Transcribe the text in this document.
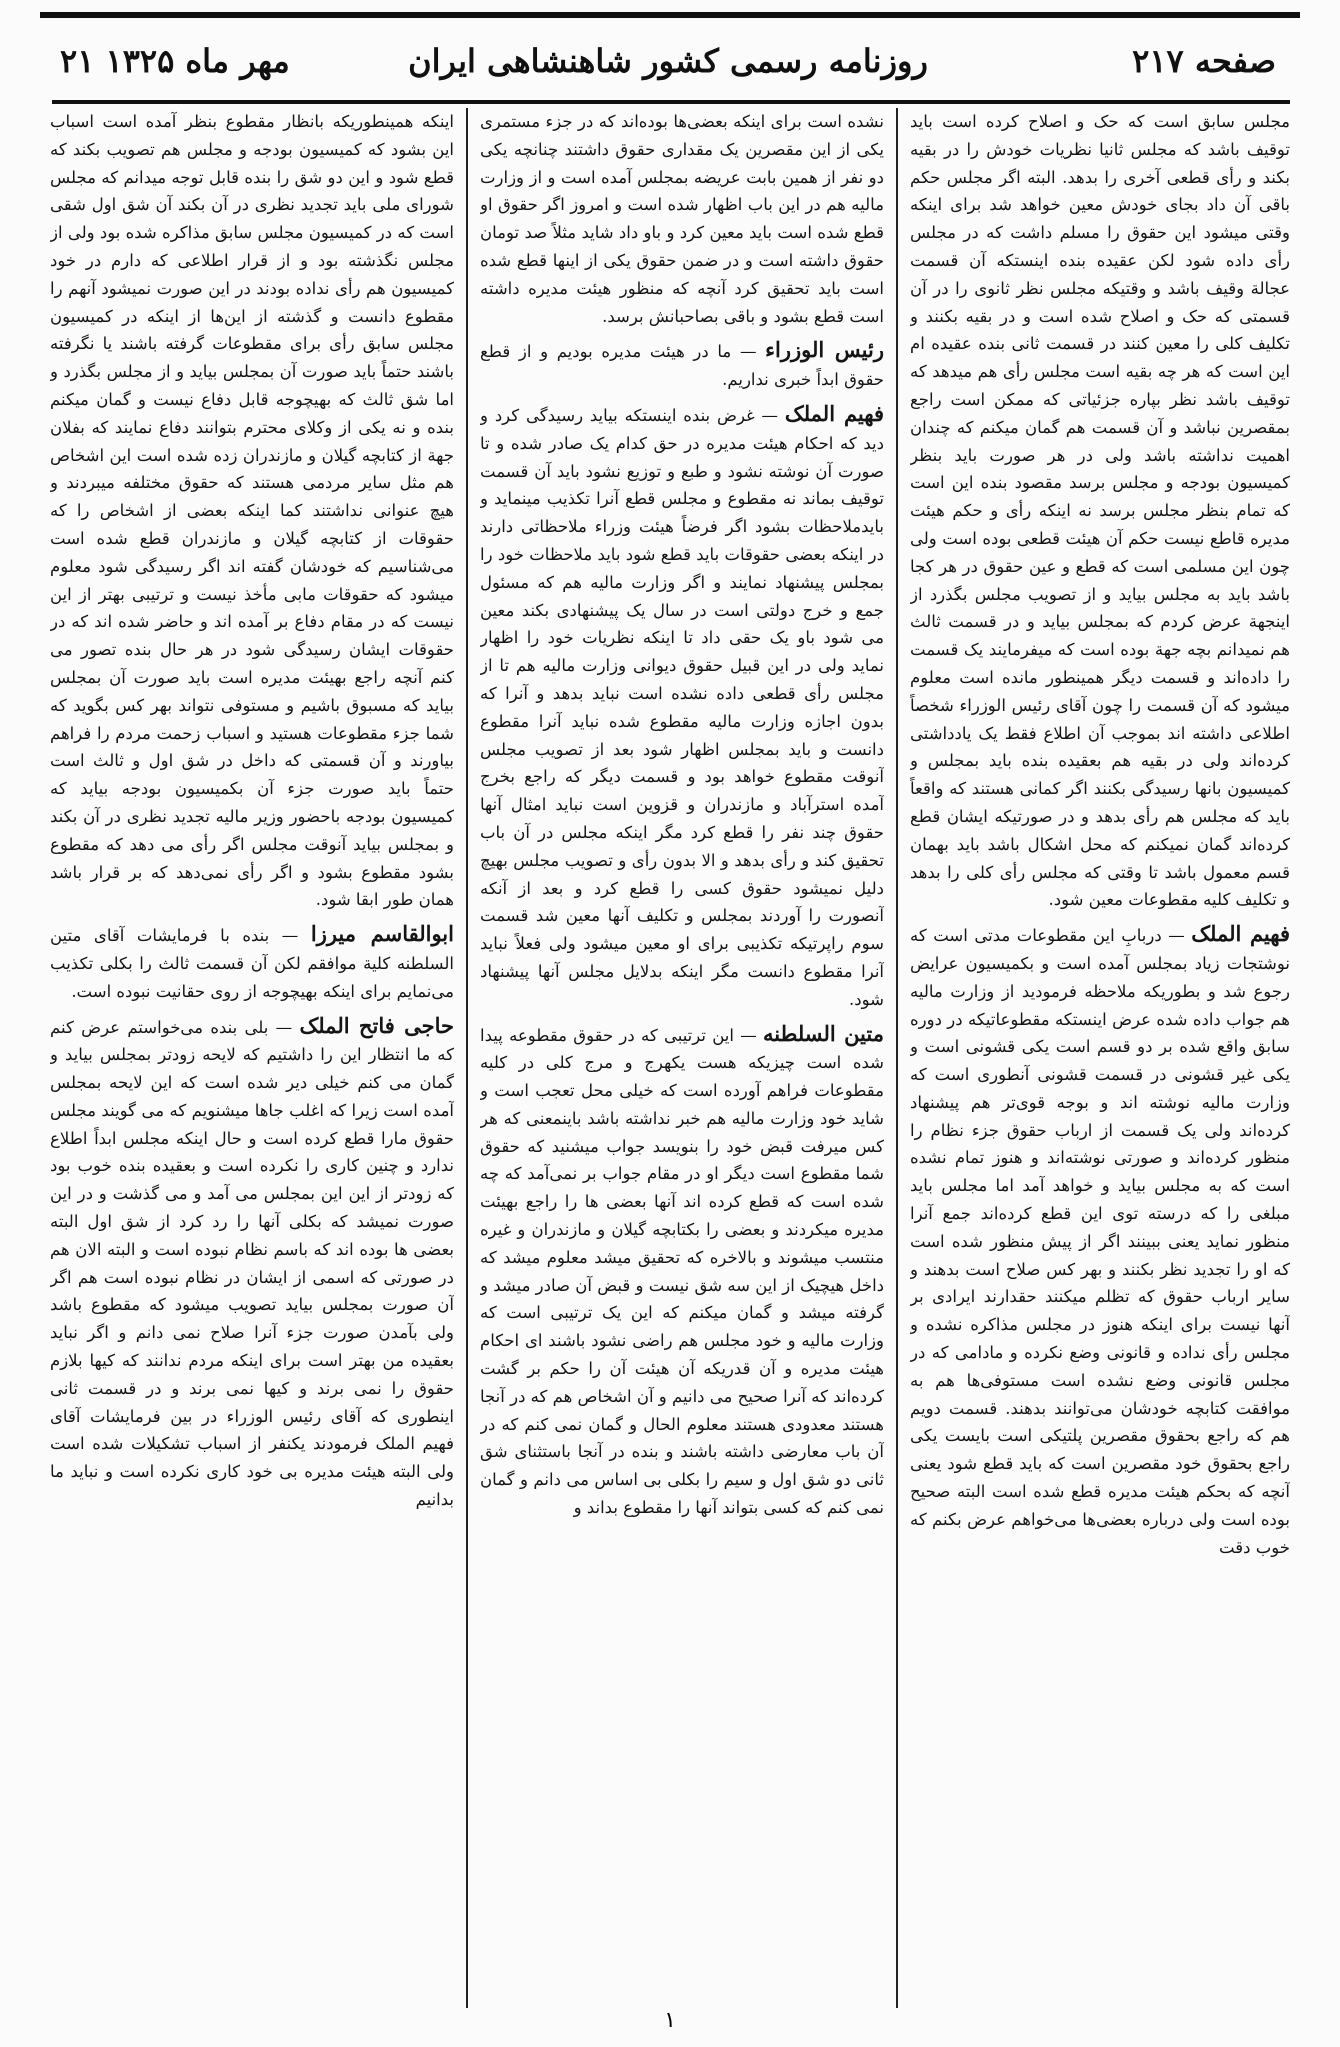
۲۱ مهر ماه ۱۳۲۵	روزنامه رسمی کشور شاهنشاهی ایران	صفحه ۲۱۷

اینکه همینطوریکه بانظار مقطوع بنظر آمده است اسباب این بشود که کمیسیون بودجه و مجلس هم تصویب بکند که قطع شود و این دو شق را بنده قابل توجه میدانم که مجلس شورای ملی باید تجدید نظری در آن بکند آن شق اول شقی است که در کمیسیون مجلس سابق مذاکره شده بود ولی از مجلس نگذشته بود و از قرار اطلاعی که دارم در خود کمیسیون هم رأی نداده بودند در این صورت نمیشود آنهم را مقطوع دانست و گذشته از این‌ها از اینکه در کمیسیون مجلس سابق رأی برای مقطوعات گرفته باشند یا نگرفته باشند حتماً باید صورت آن بمجلس بیاید و از مجلس بگذرد و اما شق ثالث که بهیچوجه قابل دفاع نیست و گمان میکنم بنده و نه یکی از وکلای محترم بتوانند دفاع نمایند که بفلان جهة از کتابچه گیلان و مازندران زده شده است این اشخاص هم مثل سایر مردمی هستند که حقوق مختلفه میبردند و هیچ عنوانی نداشتند کما اینکه بعضی از اشخاص را که حقوقات از کتابچه گیلان و مازندران قطع شده است می‌شناسیم که خودشان گفته اند اگر رسیدگی شود معلوم میشود که حقوقات مابی مأخذ نیست و ترتیبی بهتر از این نیست که در مقام دفاع بر آمده اند و حاضر شده اند که در حقوقات ایشان رسیدگی شود در هر حال بنده تصور می کنم آنچه راجع بهیئت مدیره است باید صورت آن بمجلس بیاید که مسبوق باشیم و مستوفی نتواند بهر کس بگوید که شما جزء مقطوعات هستید و اسباب زحمت مردم را فراهم بیاورند و آن قسمتی که داخل در شق اول و ثالث است حتماً باید صورت جزء آن بکمیسیون بودجه بیاید که کمیسیون بودجه باحضور وزیر مالیه تجدید نظری در آن بکند و بمجلس بیاید آنوقت مجلس اگر رأی می دهد که مقطوع بشود مقطوع بشود و اگر رأی نمی‌دهد که بر قرار باشد همان طور ابقا شود.

ابوالقاسم میرزا — بنده با فرمایشات آقای متین السلطنه کلیة موافقم لکن آن قسمت ثالث را بکلی تکذیب می‌نمایم برای اینکه بهیچوجه از روی حقانیت نبوده است.

حاجی فاتح الملک — بلی بنده می‌خواستم عرض کنم که ما انتظار این را داشتیم که لایحه زودتر بمجلس بیاید و گمان می کنم خیلی دیر شده است که این لایحه بمجلس آمده است زیرا که اغلب جاها میشنویم که می گویند مجلس حقوق مارا قطع کرده است و حال اینکه مجلس ابداً اطلاع ندارد و چنین کاری را نکرده است و بعقیده بنده خوب بود که زودتر از این این بمجلس می آمد و می گذشت و در این صورت نمیشد که بکلی آنها را رد کرد از شق اول البته بعضی ها بوده اند که باسم نظام نبوده است و البته الان هم در صورتی که اسمی از ایشان در نظام نبوده است هم اگر آن صورت بمجلس بیاید تصویب میشود که مقطوع باشد ولی بآمدن صورت جزء آنرا صلاح نمی دانم و اگر نباید بعقیده من بهتر است برای اینکه مردم ندانند که کیها بلازم حقوق را نمی برند و کیها نمی برند و در قسمت ثانی اینطوری که آقای رئیس الوزراء در بین فرمایشات آقای فهیم الملک فرمودند یکنفر از اسباب تشکیلات شده است ولی البته هیئت مدیره بی خود کاری نکرده است و نباید ما بدانیم

نشده است برای اینکه بعضی‌ها بوده‌اند که در جزء مستمری یکی از این مقصرین یک مقداری حقوق داشتند چنانچه یکی دو نفر از همین بابت عریضه بمجلس آمده است و از وزارت مالیه هم در این باب اظهار شده است و امروز اگر حقوق او قطع شده است باید معین کرد و باو داد شاید مثلاً صد تومان حقوق داشته است و در ضمن حقوق یکی از اینها قطع شده است باید تحقیق کرد آنچه که منظور هیئت مدیره داشته است قطع بشود و باقی بصاحبانش برسد.

رئیس الوزراء — ما در هیئت مدیره بودیم و از قطع حقوق ابداً خبری نداریم.

فهیم الملک — غرض بنده اینستکه بیاید رسیدگی کرد و دید که احکام هیئت مدیره در حق کدام یک صادر شده و تا صورت آن نوشته نشود و طبع و توزیع نشود باید آن قسمت توقیف بماند نه مقطوع و مجلس قطع آنرا تکذیب مینماید و بایدملاحظات بشود اگر فرضاً هیئت وزراء ملاحظاتی دارند در اینکه بعضی حقوقات باید قطع شود باید ملاحظات خود را بمجلس پیشنهاد نمایند و اگر وزارت مالیه هم که مسئول جمع و خرج دولتی است در سال یک پیشنهادی بکند معین می شود باو یک حقی داد تا اینکه نظریات خود را اظهار نماید ولی در این قبیل حقوق دیوانی وزارت مالیه هم تا از مجلس رأی قطعی داده نشده است نباید بدهد و آنرا که بدون اجازه وزارت مالیه مقطوع شده نباید آنرا مقطوع دانست و باید بمجلس اظهار شود بعد از تصویب مجلس آنوقت مقطوع خواهد بود و قسمت دیگر که راجع بخرج آمده استرآباد و مازندران و قزوین است نباید امثال آنها حقوق چند نفر را قطع کرد مگر اینکه مجلس در آن باب تحقیق کند و رأی بدهد و الا بدون رأی و تصویب مجلس بهیچ دلیل نمیشود حقوق کسی را قطع کرد و بعد از آنکه آنصورت را آوردند بمجلس و تکلیف آنها معین شد قسمت سوم راپرتیکه تکذیبی برای او معین میشود ولی فعلاً نباید آنرا مقطوع دانست مگر اینکه بدلایل مجلس آنها پیشنهاد شود.

متین السلطنه — این ترتیبی که در حقوق مقطوعه پیدا شده است چیزیکه هست یکهرج و مرج کلی در کلیه مقطوعات فراهم آورده است که خیلی محل تعجب است و شاید خود وزارت مالیه هم خبر نداشته باشد باینمعنی که هر کس میرفت قبض خود را بنویسد جواب میشنید که حقوق شما مقطوع است دیگر او در مقام جواب بر نمی‌آمد که چه شده است که قطع کرده اند آنها بعضی ها را راجع بهیئت مدیره میکردند و بعضی را بکتابچه گیلان و مازندران و غیره منتسب میشوند و بالاخره که تحقیق میشد معلوم میشد که داخل هیچیک از این سه شق نیست و قبض آن صادر میشد و گرفته میشد و گمان میکنم که این یک ترتیبی است که وزارت مالیه و خود مجلس هم راضی نشود باشند ای احکام هیئت مدیره و آن قدریکه آن هیئت آن را حکم بر گشت کرده‌اند که آنرا صحیح می دانیم و آن اشخاص هم که در آنجا هستند معدودی هستند معلوم الحال و گمان نمی کنم که در آن باب معارضی داشته باشند و بنده در آنجا باستثنای شق ثانی دو شق اول و سیم را بکلی بی اساس می دانم و گمان نمی کنم که کسی بتواند آنها را مقطوع بداند و

مجلس سابق است که حک و اصلاح کرده است باید توقیف باشد که مجلس ثانیا نظریات خودش را در بقیه بکند و رأی قطعی آخری را بدهد. البته اگر مجلس حکم باقی آن داد بجای خودش معین خواهد شد برای اینکه وقتی میشود این حقوق را مسلم داشت که در مجلس رأی داده شود لکن عقیده بنده اینستکه آن قسمت عجالة وقیف باشد و وقتیکه مجلس نظر ثانوی را در آن قسمتی که حک و اصلاح شده است و در بقیه بکنند و تکلیف کلی را معین کنند در قسمت ثانی بنده عقیده ام این است که هر چه بقیه است مجلس رأی هم میدهد که توقیف باشد نظر بپاره جزئیاتی که ممکن است راجع بمقصرین نباشد و آن قسمت هم گمان میکنم که چندان اهمیت نداشته باشد ولی در هر صورت باید بنظر کمیسیون بودجه و مجلس برسد مقصود بنده این است که تمام بنظر مجلس برسد نه اینکه رأی و حکم هیئت مدیره قاطع نیست حکم آن هیئت قطعی بوده است ولی چون این مسلمی است که قطع و عین حقوق در هر کجا باشد باید به مجلس بیاید و از تصویب مجلس بگذرد از اینجهة عرض کردم که بمجلس بیاید و در قسمت ثالث هم نمیدانم بچه جهة بوده است که میفرمایند یک قسمت را داده‌اند و قسمت دیگر همینطور مانده است معلوم میشود که آن قسمت را چون آقای رئیس الوزراء شخصاً اطلاعی داشته اند بموجب آن اطلاع فقط یک یادداشتی کرده‌اند ولی در بقیه هم بعقیده بنده باید بمجلس و کمیسیون بانها رسیدگی بکنند اگر کمانی هستند که واقعاً باید که مجلس هم رأی بدهد و در صورتیکه ایشان قطع کرده‌اند گمان نمیکنم که محل اشکال باشد باید بهمان قسم معمول باشد تا وقتی که مجلس رأی کلی را بدهد و تکلیف کلیه مقطوعات معین شود.

فهیم الملک — دربابِ این مقطوعات مدتی است که نوشتجات زیاد بمجلس آمده است و بکمیسیون عرایض رجوع شد و بطوریکه ملاحظه فرمودید از وزارت مالیه هم جواب داده شده عرض اینستکه مقطوعاتیکه در دوره سابق واقع شده بر دو قسم است یکی قشونی است و یکی غیر قشونی در قسمت قشونی آنطوری است که وزارت مالیه نوشته اند و بوجه قوی‌تر هم پیشنهاد کرده‌اند ولی یک قسمت از ارباب حقوق جزء نظام را منظور کرده‌اند و صورتی نوشته‌اند و هنوز تمام نشده است که به مجلس بیاید و خواهد آمد اما مجلس باید مبلغی را که درسته توی این قطع کرده‌اند جمع آنرا منظور نماید یعنی ببینند اگر از پیش منظور شده است که او را تجدید نظر بکنند و بهر کس صلاح است بدهند و سایر ارباب حقوق که تظلم میکنند حقدارند ایرادی بر آنها نیست برای اینکه هنوز در مجلس مذاکره نشده و مجلس رأی نداده و قانونی وضع نکرده و مادامی که در مجلس قانونی وضع نشده است مستوفی‌ها هم به موافقت کتابچه خودشان می‌توانند بدهند. قسمت دویم هم که راجع بحقوق مقصرین پلتیکی است بایست یکی راجع بحقوق خود مقصرین است که باید قطع شود یعنی آنچه که بحکم هیئت مدیره قطع شده است البته صحیح بوده است ولی درباره بعضی‌ها می‌خواهم عرض بکنم که خوب دقت

۱
